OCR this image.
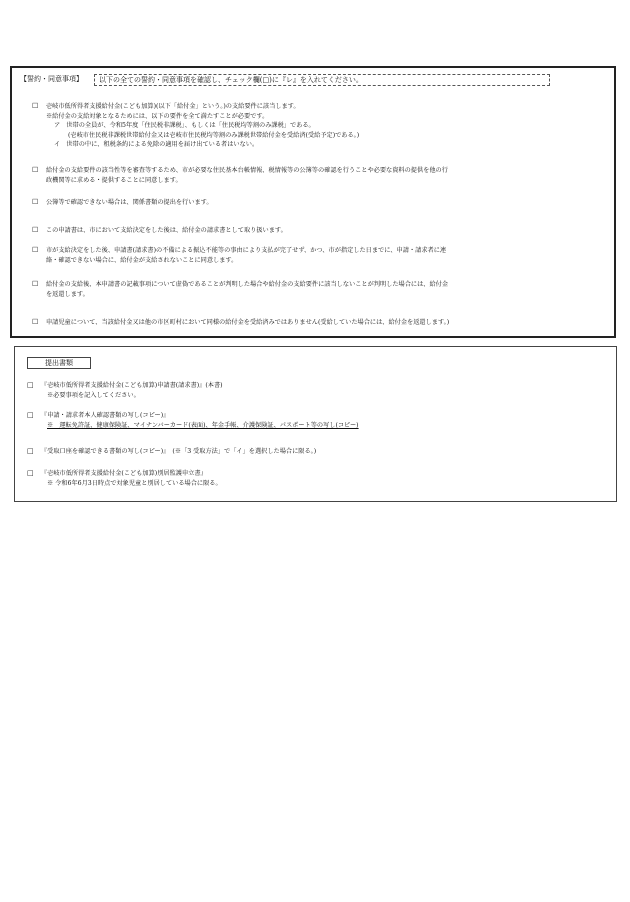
【誓約・同意事項】	以下の全ての誓約・同意事項を確認し、チェック欄(□)に『レ』を入れてください。
☐ 壱岐市低所得者支援給付金(こども加算)(以下「給付金」という。)の支給要件に該当します。
※給付金の支給対象となるためには、以下の要件を全て満たすことが必要です。
ア　世帯の全員が、令和5年度「住民税非課税」、もしくは「住民税均等割のみ課税」である。
(壱岐市住民税非課税世帯給付金又は壱岐市住民税均等割のみ課税世帯給付金を受給済(受給予定)である。)
イ　世帯の中に、租税条約による免除の適用を届け出ている者はいない。
☐ 給付金の支給要件の該当性等を審査等するため、市が必要な住民基本台帳情報、税情報等の公簿等の確認を行うことや必要な資料の提供を他の行
政機関等に求める・提供することに同意します。
☐ 公簿等で確認できない場合は、関係書類の提出を行います。
☐ この申請書は、市において支給決定をした後は、給付金の請求書として取り扱います。
☐ 市が支給決定をした後、申請書(請求書)の不備による振込不能等の事由により支払が完了せず、かつ、市が指定した日までに、申請・請求者に連
絡・確認できない場合に、給付金が支給されないことに同意します。
☐ 給付金の支給後、本申請書の記載事項について虚偽であることが判明した場合や給付金の支給要件に該当しないことが判明した場合には、給付金
を返還します。
☐ 申請児童について、当該給付金又は他の市区町村において同様の給付金を受給済みではありません(受給していた場合には、給付金を返還します。)
提出書類
□ 『壱岐市低所得者支援給付金(こども加算)申請書(請求書)』(本書)
※必要事項を記入してください。
□ 『申請・請求者本人確認書類の写し(コピー)』
※　運転免許証、健康保険証、マイナンバーカード(表面)、年金手帳、介護保険証、パスポート等の写し(コピー)
□ 『受取口座を確認できる書類の写し(コピー)』　(※「3 受取方法」で「イ」を選択した場合に限る。)
□ 『壱岐市低所得者支援給付金(こども加算)別居監護申立書』
※ 令和6年6月3日時点で対象児童と別居している場合に限る。
